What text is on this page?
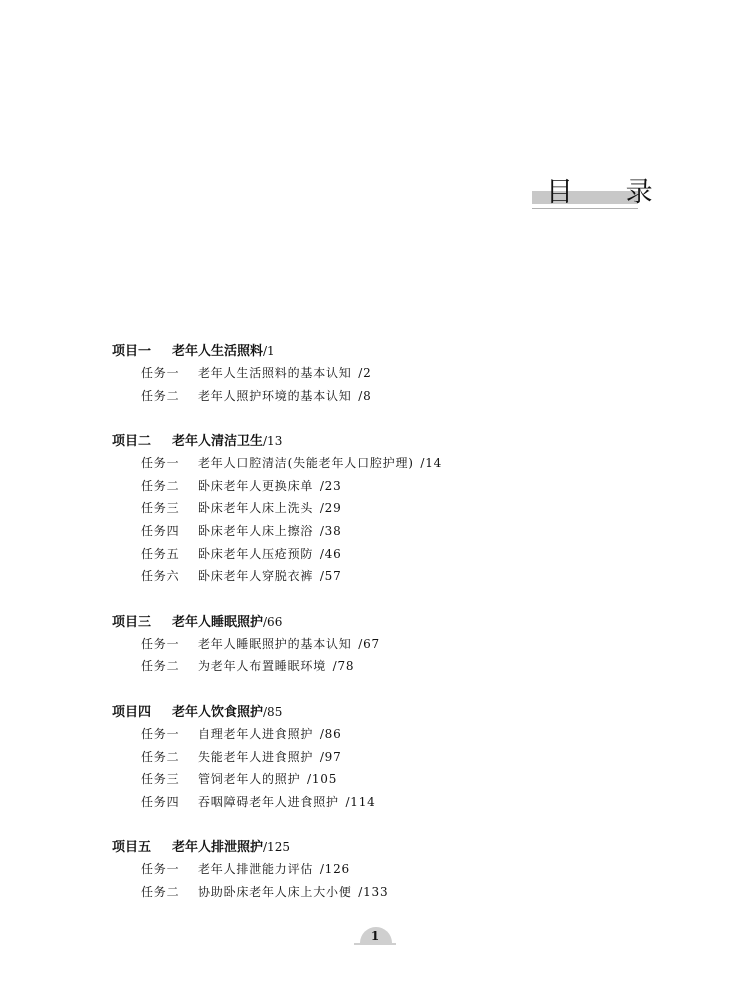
目 录
项目一 老年人生活照料/1
任务一 老年人生活照料的基本认知 /2
任务二 老年人照护环境的基本认知 /8
项目二 老年人清洁卫生/13
任务一 老年人口腔清洁(失能老年人口腔护理) /14
任务二 卧床老年人更换床单 /23
任务三 卧床老年人床上洗头 /29
任务四 卧床老年人床上擦浴 /38
任务五 卧床老年人压疮预防 /46
任务六 卧床老年人穿脱衣裤 /57
项目三 老年人睡眠照护/66
任务一 老年人睡眠照护的基本认知 /67
任务二 为老年人布置睡眠环境 /78
项目四 老年人饮食照护/85
任务一 自理老年人进食照护 /86
任务二 失能老年人进食照护 /97
任务三 管饲老年人的照护 /105
任务四 吞咽障碍老年人进食照护 /114
项目五 老年人排泄照护/125
任务一 老年人排泄能力评估 /126
任务二 协助卧床老年人床上大小便 /133
1
